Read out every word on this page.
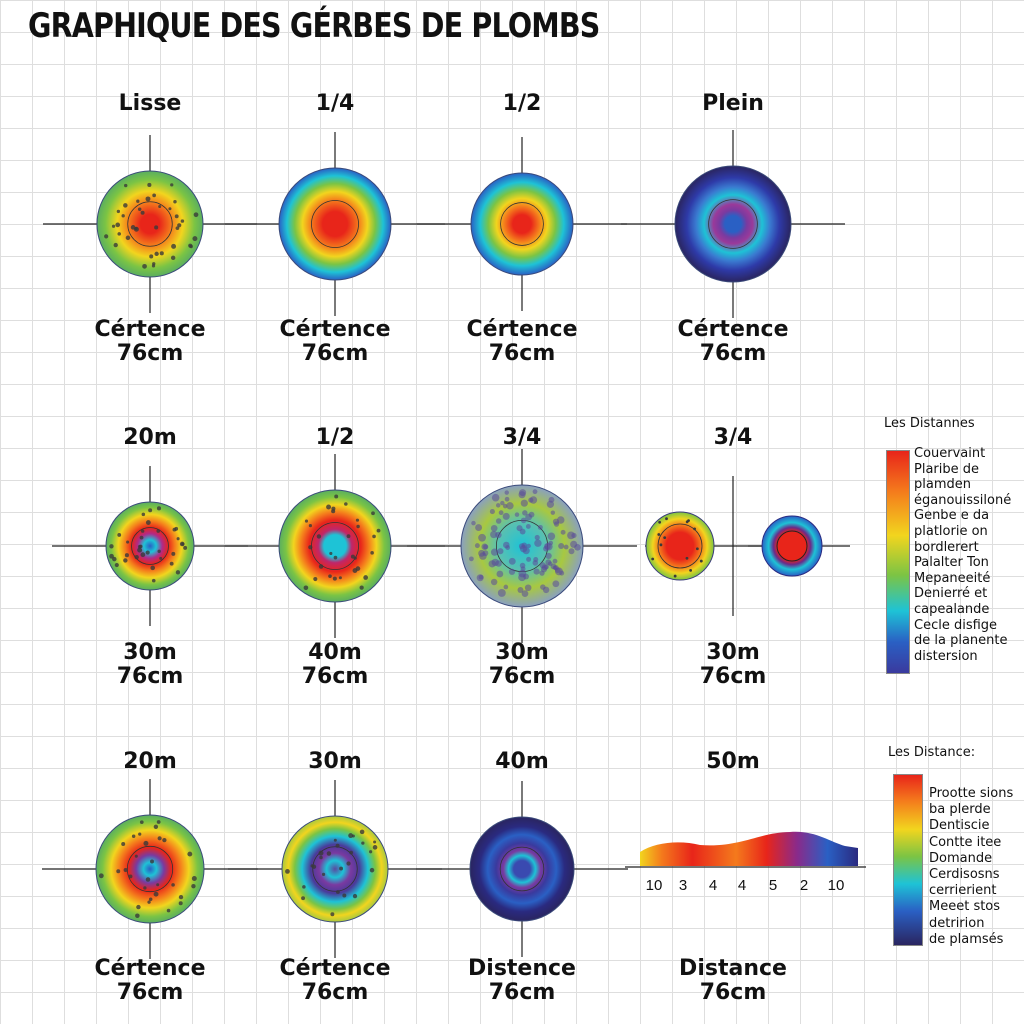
GRAPHIQUE DES GÉRBES DE PLOMBS
10 3 4 4 5 2 10
Lisse
Cértence
76cm
1/4
Cértence
76cm
1/2
Cértence
76cm
Plein
Cértence
76cm
20m
30m
76cm
1/2
40m
76cm
3/4
30m
76cm
3/4
30m
76cm
20m
Cértence
76cm
30m
Cértence
76cm
40m
Distence
76cm
50m
Distance
76cm
Les Distannes
Couervaint
Plaribe de
plamden
éganouissiloné
Genbe e da
platlorie on
bordlerert
Palalter Ton
Mepaneeité
Denierré et
capealande
Cecle disfige
de la planente
distersion
Les Distance:
Prootte sions
ba plerde
Dentiscie
Contte itee
Domande
Cerdisosns
cerrierient
Meeet stos
detririon
de plamsés
